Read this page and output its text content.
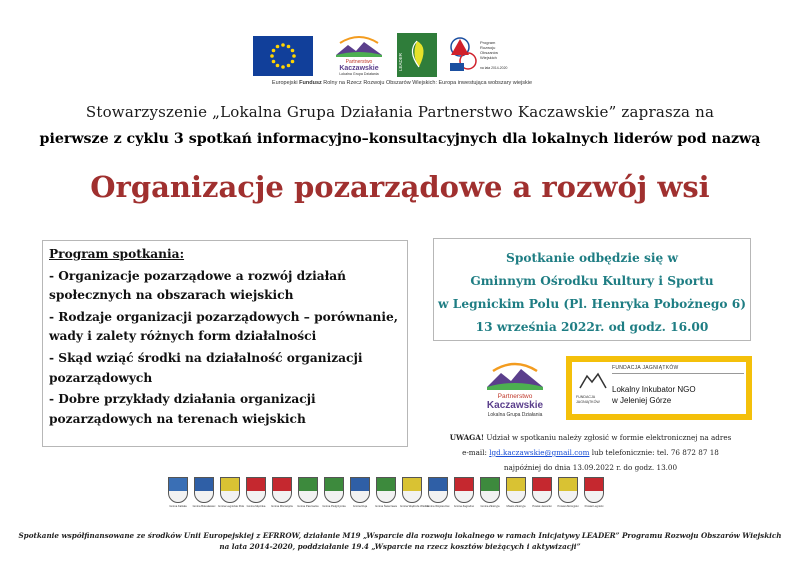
Partnerstwo
Kaczawskie
Lokalna Grupa Działania
LEADER
Program
Rozwoju
Obszarów
Wiejskich
na lata 2014-2020
Europejski Fundusz Rolny na Rzecz Rozwoju Obszarów Wiejskich: Europa inwestująca wobszary wiejskie
Stowarzyszenie „Lokalna Grupa Działania Partnerstwo Kaczawskie” zaprasza na
pierwsze z cyklu 3 spotkań informacyjno–konsultacyjnych dla lokalnych liderów pod nazwą
Organizacje pozarządowe a rozwój wsi
Program spotkania:
- Organizacje pozarządowe a rozwój działań społecznych na obszarach wiejskich
- Rodzaje organizacji pozarządowych – porównanie, wady i zalety różnych form działalności
- Skąd wziąć środki na działalność organizacji pozarządowych
- Dobre przykłady działania organizacji pozarządowych na terenach wiejskich
Spotkanie odbędzie się w
Gminnym Ośrodku Kultury i Sportu
w Legnickim Polu (Pl. Henryka Pobożnego 6)
13 września 2022r. od godz. 16.00
Partnerstwo
Kaczawskie
Lokalna Grupa Działania
FUNDACJA JAGNIĄTKÓW
FUNDACJA
JAGNIĄTKÓW
Lokalny Inkubator NGO
w Jeleniej Górze
UWAGA! Udział w spotkaniu należy zgłosić w formie elektronicznej na adres
e-mail: lgd.kaczawskie@gmail.com lub telefonicznie: tel. 76 872 87 18
najpóźniej do dnia 13.09.2022 r. do godz. 13.00
Gmina Kaliska	Gmina Bolesławiec Gmina Legnickie Pole Gmina Męcinka	Gmina Mściwojów	Gmina Paszowice	Gmina Pielgrzymka	Gmina Ruja	Gmina Świerzawa	Gmina Wądroże Wielkie
Gmina Wojcieszów	Gmina Zagrodno	Gmina Złotoryja	Miasto Złotoryja	Powiat Jaworski	Powiat Złotoryjski	Powiat Legnicki
Spotkanie współfinansowane ze środków Unii Europejskiej z EFRROW, działanie M19 „Wsparcie dla rozwoju lokalnego w ramach Inicjatywy LEADER” Programu Rozwoju Obszarów Wiejskich
na lata 2014-2020, poddziałanie 19.4 „Wsparcie na rzecz kosztów bieżących i aktywizacji”
